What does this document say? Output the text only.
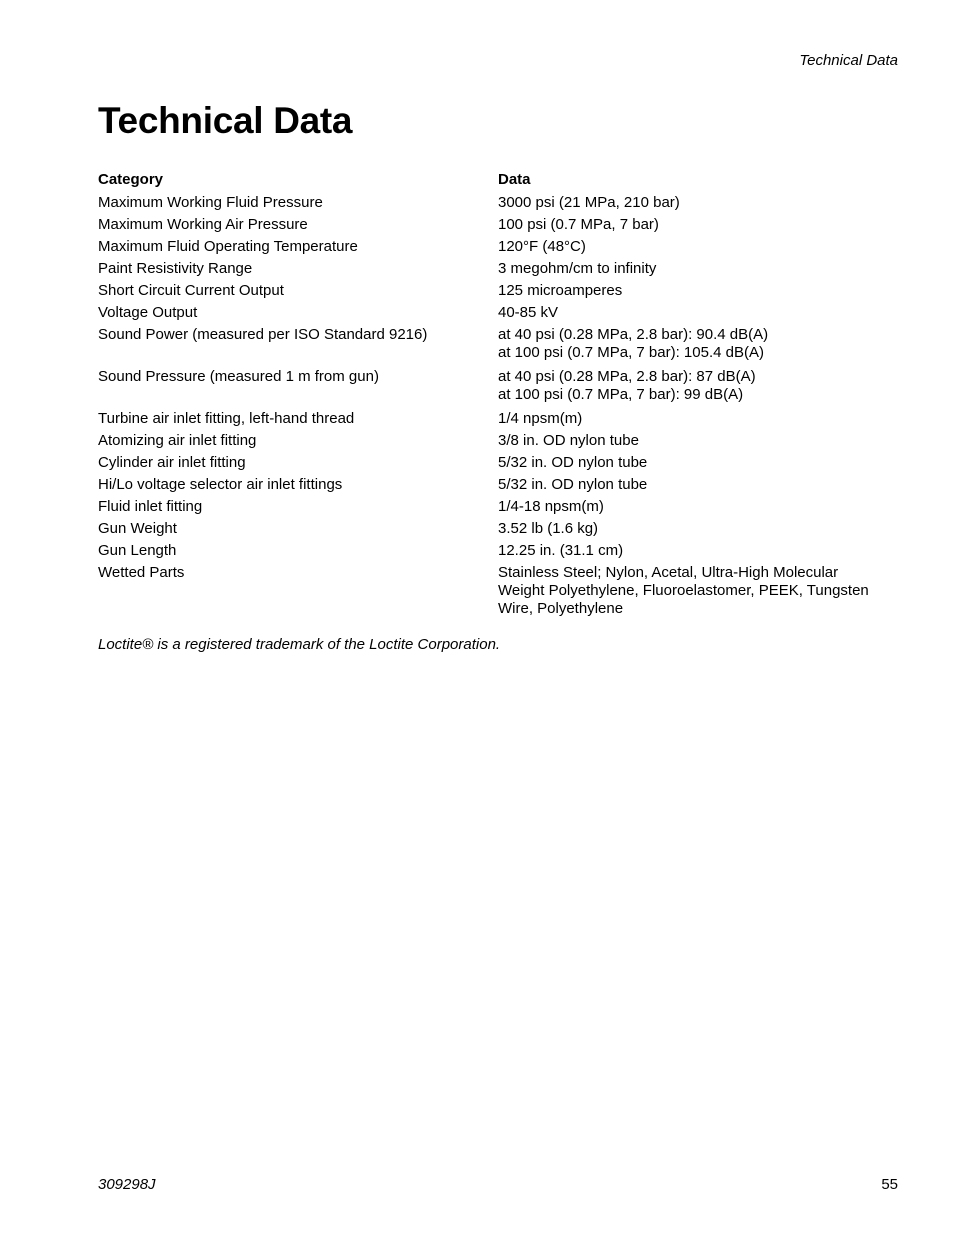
Technical Data
Technical Data
Category	Data
Maximum Working Fluid Pressure	3000 psi (21 MPa, 210 bar)

Maximum Working Air Pressure	100 psi (0.7 MPa, 7 bar)

Maximum Fluid Operating Temperature	120°F (48°C)

Paint Resistivity Range	3 megohm/cm to infinity

Short Circuit Current Output	125 microamperes

Voltage Output	40-85 kV

Sound Power (measured per ISO Standard 9216)	at 40 psi (0.28 MPa, 2.8 bar): 90.4 dB(A)
at 100 psi (0.7 MPa, 7 bar): 105.4 dB(A)

Sound Pressure (measured 1 m from gun)	at 40 psi (0.28 MPa, 2.8 bar): 87 dB(A)
at 100 psi (0.7 MPa, 7 bar): 99 dB(A)

Turbine air inlet fitting, left-hand thread	1/4 npsm(m)

Atomizing air inlet fitting	3/8 in. OD nylon tube

Cylinder air inlet fitting	5/32 in. OD nylon tube

Hi/Lo voltage selector air inlet fittings	5/32 in. OD nylon tube

Fluid inlet fitting	1/4-18 npsm(m)

Gun Weight	3.52 lb (1.6 kg)

Gun Length	12.25 in. (31.1 cm)

Wetted Parts	Stainless Steel; Nylon, Acetal, Ultra-High Molecular
Weight Polyethylene, Fluoroelastomer, PEEK, Tungsten
Wire, Polyethylene
Loctite® is a registered trademark of the Loctite Corporation.
309298J	55
